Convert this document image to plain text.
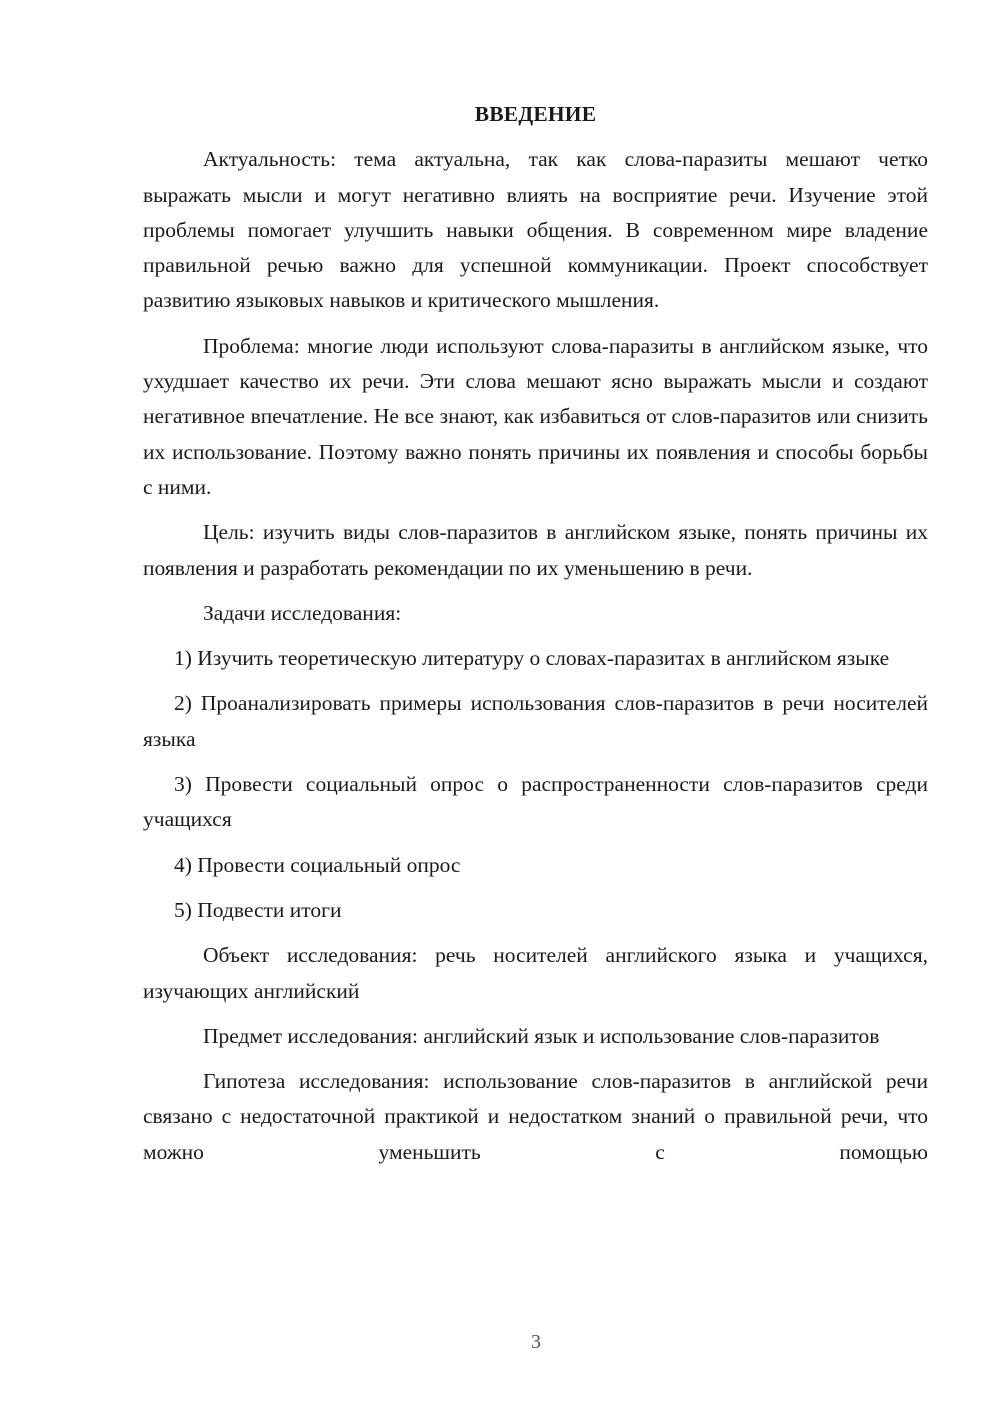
ВВЕДЕНИЕ

Актуальность: тема актуальна, так как слова-паразиты мешают четко выражать мысли и могут негативно влиять на восприятие речи. Изучение этой проблемы помогает улучшить навыки общения. В современном мире владение правильной речью важно для успешной коммуникации. Проект способствует развитию языковых навыков и критического мышления.

Проблема: многие люди используют слова-паразиты в английском языке, что ухудшает качество их речи. Эти слова мешают ясно выражать мысли и создают негативное впечатление. Не все знают, как избавиться от слов-паразитов или снизить их использование. Поэтому важно понять причины их появления и способы борьбы с ними.

Цель: изучить виды слов-паразитов в английском языке, понять причины их появления и разработать рекомендации по их уменьшению в речи.

Задачи исследования:

1) Изучить теоретическую литературу о словах-паразитах в английском языке

2) Проанализировать примеры использования слов-паразитов в речи носителей языка

3) Провести социальный опрос о распространенности слов-паразитов среди учащихся

4) Провести социальный опрос

5) Подвести итоги

Объект исследования: речь носителей английского языка и учащихся, изучающих английский

Предмет исследования: английский язык и использование слов-паразитов

Гипотеза исследования: использование слов-паразитов в английской речи связано с недостаточной практикой и недостатком знаний о правильной речи, что можно уменьшить с помощью

3
